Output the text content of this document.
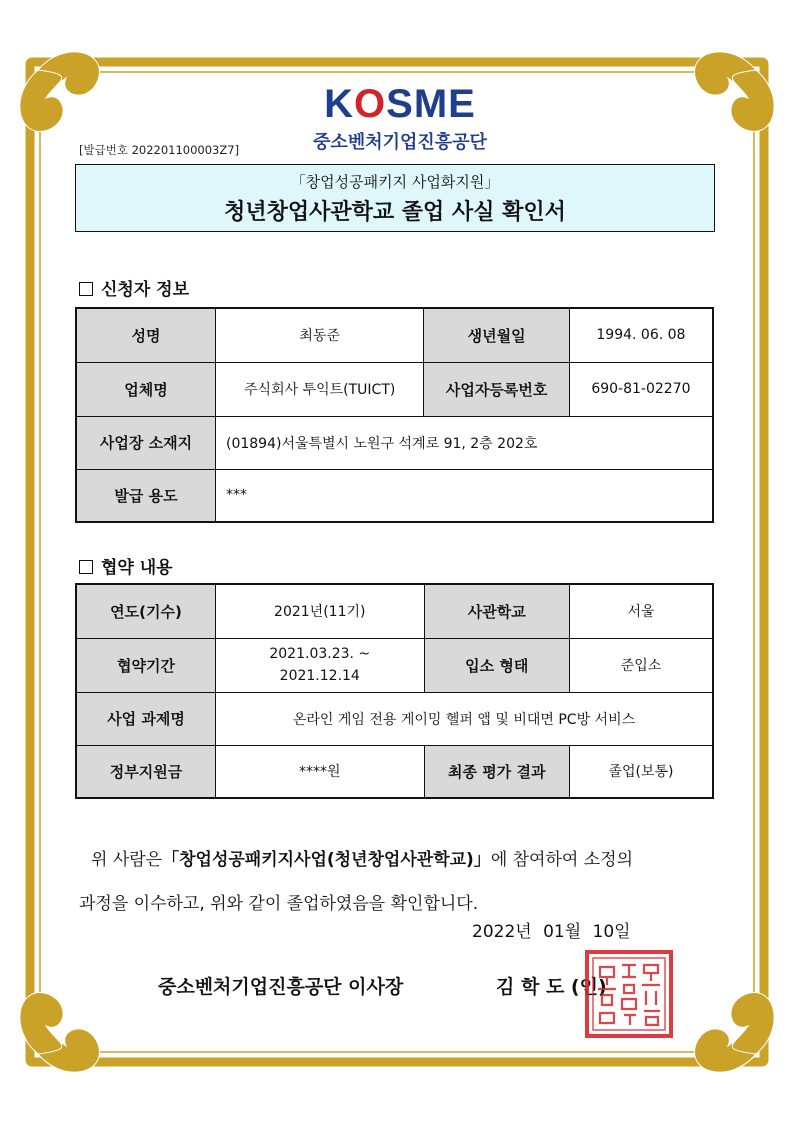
KOSME
중소벤처기업진흥공단
[발급번호 202201100003Z7]
「창업성공패키지 사업화지원」
청년창업사관학교 졸업 사실 확인서
신청자 정보
성명	최동준	생년월일	1994. 06. 08
업체명	주식회사 투익트(TUICT)	사업자등록번호	690-81-02270
사업장 소재지	(01894)서울특별시 노원구 석계로 91, 2층 202호		
발급 용도	***		
협약 내용
연도(기수)	2021년(11기)	사관학교	서울
협약기간	2021.03.23. ~
2021.12.14	입소 형태	준입소
사업 과제명	온라인 게임 전용 게이밍 헬퍼 앱 및 비대면 PC방 서비스		
정부지원금	****원	최종 평가 결과	졸업(보통)
위 사람은「창업성공패키지사업(청년창업사관학교)」에 참여하여 소정의
과정을 이수하고, 위와 같이 졸업하였음을 확인합니다.
2022년 01월 10일
중소벤처기업진흥공단 이사장	김 학 도 (인)
